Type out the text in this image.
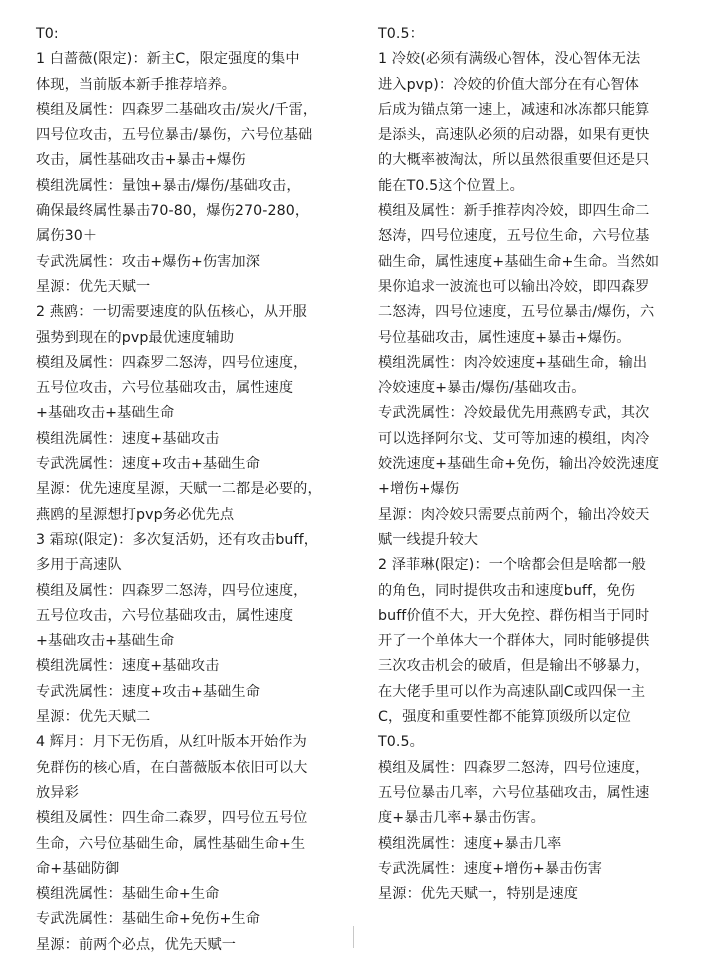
T0:
1 白蔷薇(限定)：新主C，限定强度的集中
体现，当前版本新手推荐培养。
模组及属性：四森罗二基础攻击/炭火/千雷，
四号位攻击，五号位暴击/暴伤，六号位基础
攻击，属性基础攻击+暴击+爆伤
模组洗属性：量蚀+暴击/爆伤/基础攻击，
确保最终属性暴击70-80，爆伤270-280，
属伤30＋
专武洗属性：攻击+爆伤+伤害加深
星源：优先天赋一
2 燕鸥：一切需要速度的队伍核心，从开服
强势到现在的pvp最优速度辅助
模组及属性：四森罗二怒涛，四号位速度，
五号位攻击，六号位基础攻击，属性速度
+基础攻击+基础生命
模组洗属性：速度+基础攻击
专武洗属性：速度+攻击+基础生命
星源：优先速度星源，天赋一二都是必要的，
燕鸥的星源想打pvp务必优先点
3 霜琼(限定)：多次复活奶，还有攻击buff，
多用于高速队
模组及属性：四森罗二怒涛，四号位速度，
五号位攻击，六号位基础攻击，属性速度
+基础攻击+基础生命
模组洗属性：速度+基础攻击
专武洗属性：速度+攻击+基础生命
星源：优先天赋二
4 辉月：月下无伤盾，从红叶版本开始作为
免群伤的核心盾，在白蔷薇版本依旧可以大
放异彩
模组及属性：四生命二森罗，四号位五号位
生命，六号位基础生命，属性基础生命+生
命+基础防御
模组洗属性：基础生命+生命
专武洗属性：基础生命+免伤+生命
星源：前两个必点，优先天赋一
T0.5：
1 冷姣(必须有满级心智体，没心智体无法
进入pvp)：冷姣的价值大部分在有心智体
后成为锚点第一速上，减速和冰冻都只能算
是添头，高速队必须的启动器，如果有更快
的大概率被淘汰，所以虽然很重要但还是只
能在T0.5这个位置上。
模组及属性：新手推荐肉冷姣，即四生命二
怒涛，四号位速度，五号位生命，六号位基
础生命，属性速度+基础生命+生命。当然如
果你追求一波流也可以输出冷姣，即四森罗
二怒涛，四号位速度，五号位暴击/爆伤，六
号位基础攻击，属性速度+暴击+爆伤。
模组洗属性：肉冷姣速度+基础生命，输出
冷姣速度+暴击/爆伤/基础攻击。
专武洗属性：冷姣最优先用燕鸥专武，其次
可以选择阿尔戈、艾可等加速的模组，肉冷
姣洗速度+基础生命+免伤，输出冷姣洗速度
+增伤+爆伤
星源：肉冷姣只需要点前两个，输出冷姣天
赋一线提升较大
2 泽菲琳(限定)：一个啥都会但是啥都一般
的角色，同时提供攻击和速度buff，免伤
buff价值不大，开大免控、群伤相当于同时
开了一个单体大一个群体大，同时能够提供
三次攻击机会的破盾，但是输出不够暴力，
在大佬手里可以作为高速队副C或四保一主
C，强度和重要性都不能算顶级所以定位
T0.5。
模组及属性：四森罗二怒涛，四号位速度，
五号位暴击几率，六号位基础攻击，属性速
度+暴击几率+暴击伤害。
模组洗属性：速度+暴击几率
专武洗属性：速度+增伤+暴击伤害
星源：优先天赋一，特别是速度
